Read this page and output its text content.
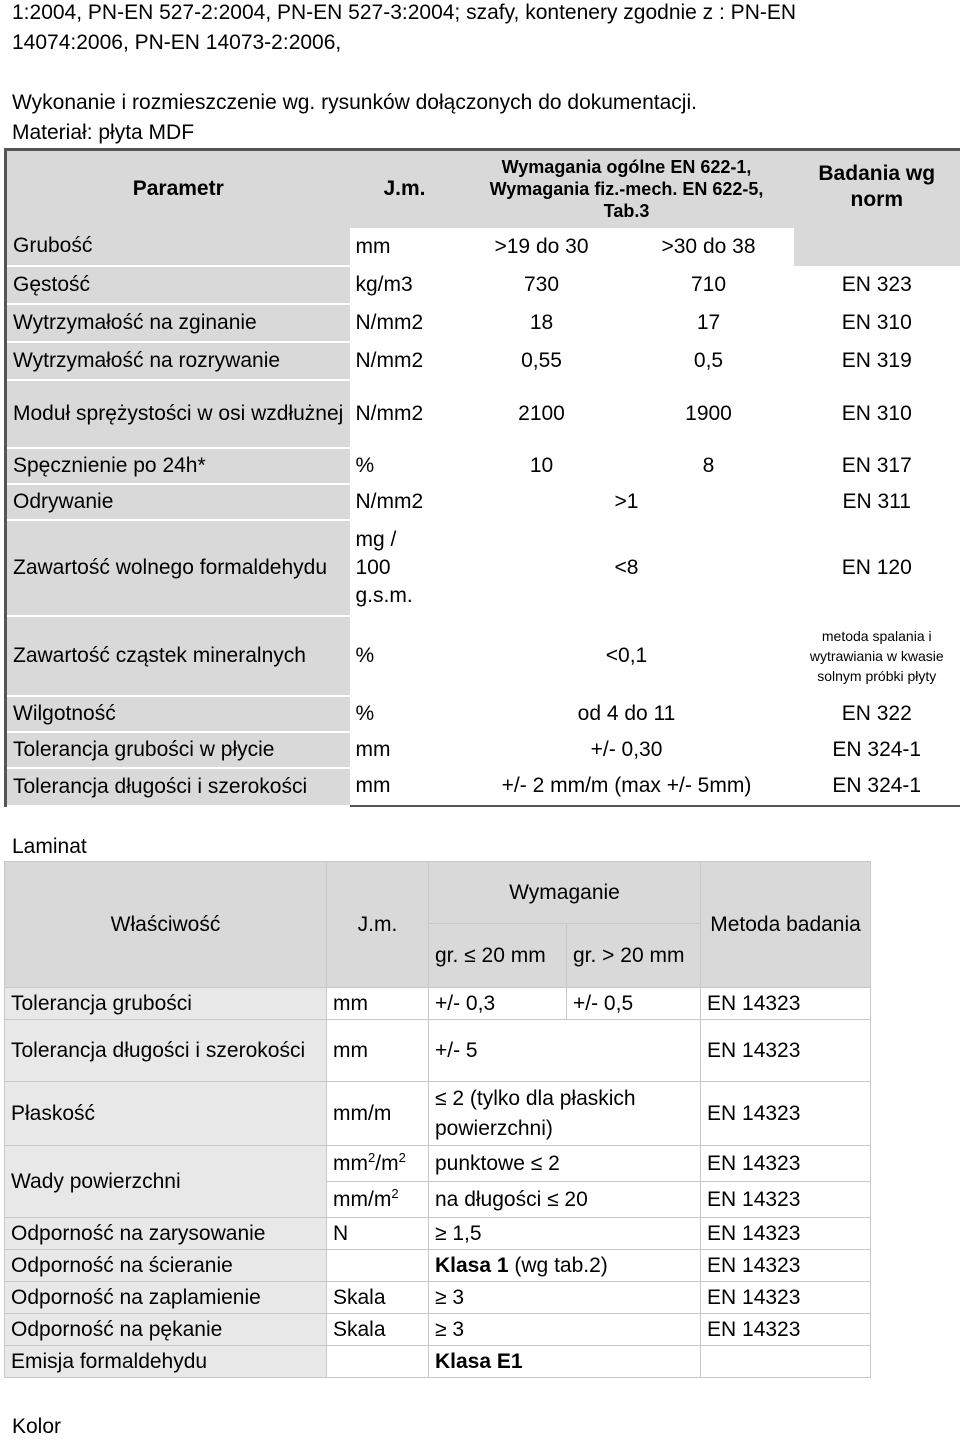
1:2004, PN-EN 527-2:2004, PN-EN 527-3:2004; szafy, kontenery zgodnie z : PN-EN
14074:2006, PN-EN 14073-2:2006,
Wykonanie i rozmieszczenie wg. rysunków dołączonych do dokumentacji.
Materiał: płyta MDF
Parametr	J.m.	Wymagania ogólne EN 622-1, Wymagania fiz.-mech. EN 622-5, Tab.3		Badania wg norm
Grubość	mm	>19 do 30	>30 do 38	
Gęstość	kg/m3	730	710	EN 323
Wytrzymałość na zginanie	N/mm2	18	17	EN 310
Wytrzymałość na rozrywanie	N/mm2	0,55	0,5	EN 319
Moduł sprężystości w osi wzdłużnej	N/mm2	2100	1900	EN 310
Spęcznienie po 24h*	%	10	8	EN 317
Odrywanie	N/mm2	>1		EN 311
Zawartość wolnego formaldehydu	mg / 100 g.s.m.	<8		EN 120
Zawartość cząstek mineralnych	%	<0,1		metoda spalania i wytrawiania w kwasie solnym próbki płyty
Wilgotność	%	od 4 do 11		EN 322
Tolerancja grubości w płycie	mm	+/- 0,30		EN 324-1
Tolerancja długości i szerokości	mm	+/- 2 mm/m (max +/- 5mm)		EN 324-1
Laminat
Właściwość	J.m.	Wymaganie		Metoda badania
		gr. ≤ 20 mm	gr. > 20 mm	
Tolerancja grubości	mm	+/- 0,3	+/- 0,5	EN 14323
Tolerancja długości i szerokości	mm	+/- 5		EN 14323
Płaskość	mm/m	≤ 2 (tylko dla płaskich powierzchni)		EN 14323
Wady powierzchni	$mm^2/m^2$	punktowe ≤ 2		EN 14323
	$mm/m^2$	na długości ≤ 20		EN 14323
Odporność na zarysowanie	N	≥ 1,5		EN 14323
Odporność na ścieranie		Klasa 1 (wg tab.2)		EN 14323
Odporność na zaplamienie	Skala	≥ 3		EN 14323
Odporność na pękanie	Skala	≥ 3		EN 14323
Emisja formaldehydu		Klasa E1		
Kolor
